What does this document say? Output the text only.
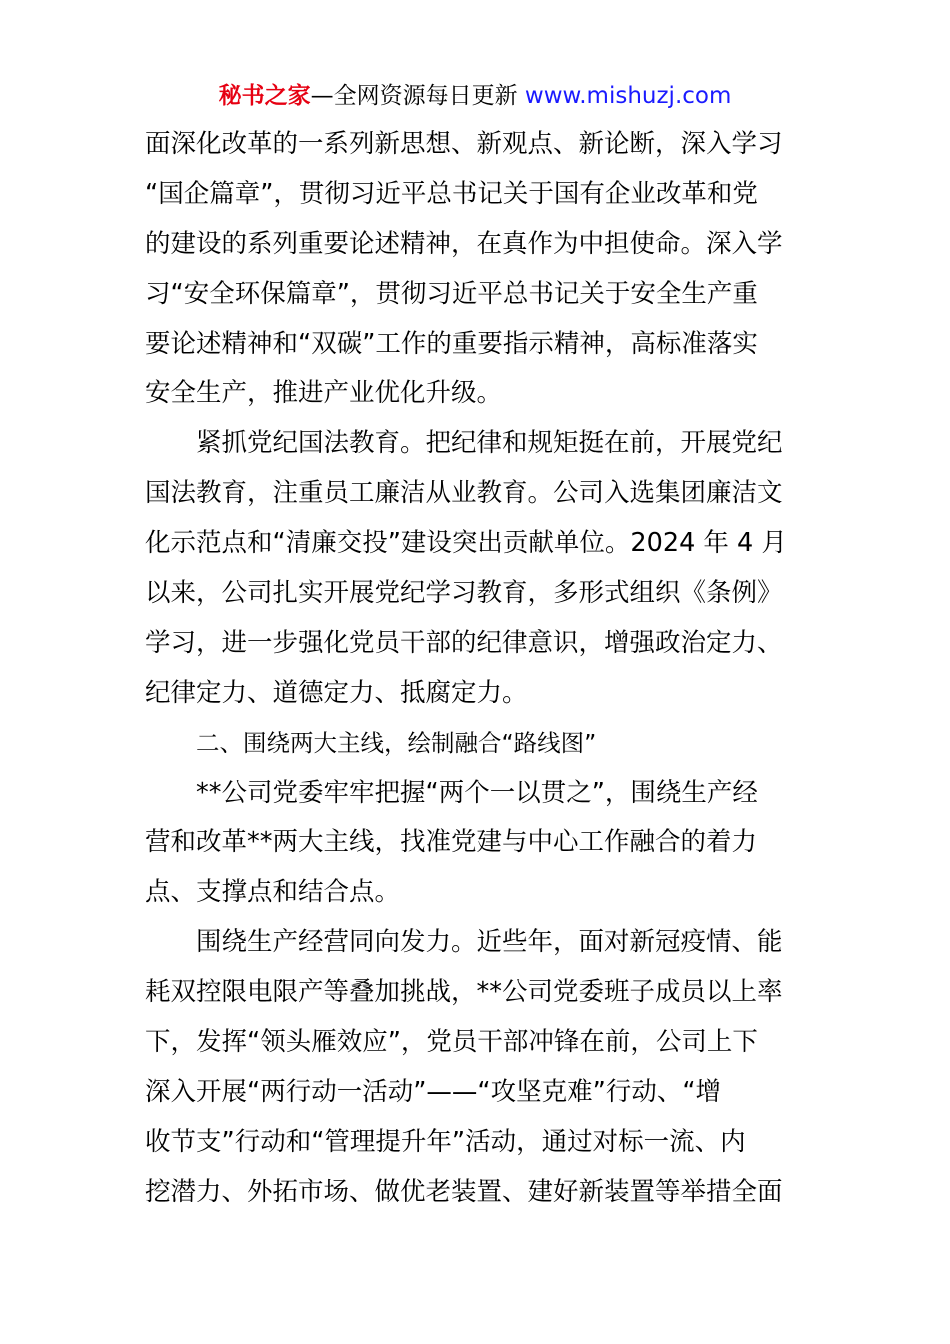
秘书之家—全网资源每日更新 www.mishuzj.com
面深化改革的一系列新思想、新观点、新论断，深入学习
“国企篇章”，贯彻习近平总书记关于国有企业改革和党
的建设的系列重要论述精神，在真作为中担使命。深入学
习“安全环保篇章”，贯彻习近平总书记关于安全生产重
要论述精神和“双碳”工作的重要指示精神，高标准落实
安全生产，推进产业优化升级。
紧抓党纪国法教育。把纪律和规矩挺在前，开展党纪
国法教育，注重员工廉洁从业教育。公司入选集团廉洁文
化示范点和“清廉交投”建设突出贡献单位。2024 年 4 月
以来，公司扎实开展党纪学习教育，多形式组织《条例》
学习，进一步强化党员干部的纪律意识，增强政治定力、
纪律定力、道德定力、抵腐定力。
二、围绕两大主线，绘制融合“路线图”
**公司党委牢牢把握“两个一以贯之”，围绕生产经
营和改革**两大主线，找准党建与中心工作融合的着力
点、支撑点和结合点。
围绕生产经营同向发力。近些年，面对新冠疫情、能
耗双控限电限产等叠加挑战，**公司党委班子成员以上率
下，发挥“领头雁效应”，党员干部冲锋在前，公司上下
深入开展“两行动一活动”——“攻坚克难”行动、“增
收节支”行动和“管理提升年”活动，通过对标一流、内
挖潜力、外拓市场、做优老装置、建好新装置等举措全面
